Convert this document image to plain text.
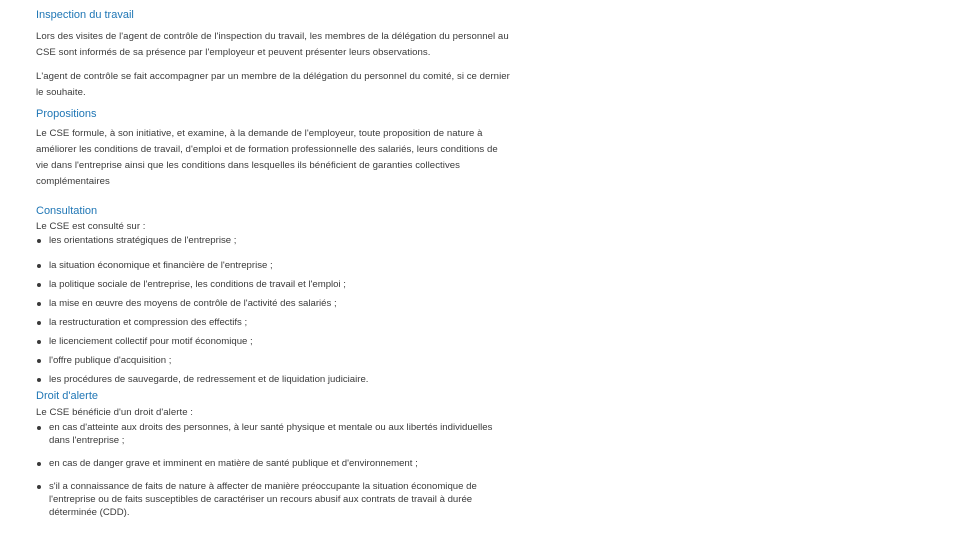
Inspection du travail

Lors des visites de l'agent de contrôle de l'inspection du travail, les membres de la délégation du personnel au
CSE sont informés de sa présence par l'employeur et peuvent présenter leurs observations.

L'agent de contrôle se fait accompagner par un membre de la délégation du personnel du comité, si ce dernier
le souhaite.

Propositions

Le CSE formule, à son initiative, et examine, à la demande de l'employeur, toute proposition de nature à
améliorer les conditions de travail, d'emploi et de formation professionnelle des salariés, leurs conditions de
vie dans l'entreprise ainsi que les conditions dans lesquelles ils bénéficient de garanties collectives
complémentaires

Consultation

Le CSE est consulté sur :

les orientations stratégiques de l'entreprise ;
la situation économique et financière de l'entreprise ;
la politique sociale de l'entreprise, les conditions de travail et l'emploi ;
la mise en œuvre des moyens de contrôle de l'activité des salariés ;
la restructuration et compression des effectifs ;
le licenciement collectif pour motif économique ;
l'offre publique d'acquisition ;
les procédures de sauvegarde, de redressement et de liquidation judiciaire.
Droit d'alerte

Le CSE bénéficie d'un droit d'alerte :

en cas d'atteinte aux droits des personnes, à leur santé physique et mentale ou aux libertés individuelles
dans l'entreprise ;
en cas de danger grave et imminent en matière de santé publique et d'environnement ;
s'il a connaissance de faits de nature à affecter de manière préoccupante la situation économique de
l'entreprise ou de faits susceptibles de caractériser un recours abusif aux contrats de travail à durée
déterminée (CDD).
